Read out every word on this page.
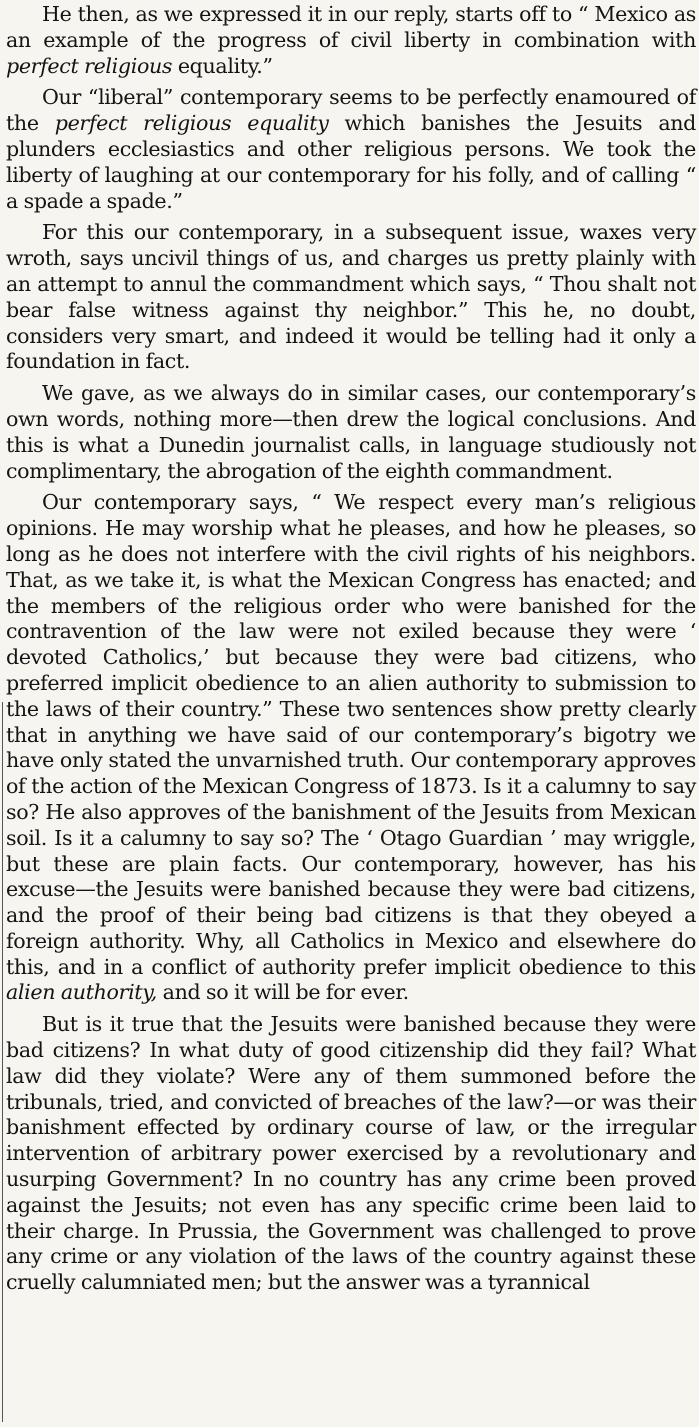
He then, as we expressed it in our reply, starts off to “ Mexico as an example of the progress of civil liberty in combination with perfect religious equality.”

Our “liberal” contemporary seems to be perfectly enamoured of the perfect religious equality which banishes the Jesuits and plunders ecclesiastics and other religious persons. We took the liberty of laughing at our contemporary for his folly, and of calling “ a spade a spade.”

For this our contemporary, in a subsequent issue, waxes very wroth, says uncivil things of us, and charges us pretty plainly with an attempt to annul the commandment which says, “ Thou shalt not bear false witness against thy neighbor.” This he, no doubt, considers very smart, and indeed it would be telling had it only a foundation in fact.

We gave, as we always do in similar cases, our contemporary’s own words, nothing more—then drew the logical conclusions. And this is what a Dunedin journalist calls, in language studiously not complimentary, the abrogation of the eighth commandment.

Our contemporary says, “ We respect every man’s religious opinions. He may worship what he pleases, and how he pleases, so long as he does not interfere with the civil rights of his neighbors. That, as we take it, is what the Mexican Congress has enacted; and the members of the religious order who were banished for the contravention of the law were not exiled because they were ‘ devoted Catholics,’ but because they were bad citizens, who preferred implicit obedience to an alien authority to submission to the laws of their country.” These two sentences show pretty clearly that in anything we have said of our contemporary’s bigotry we have only stated the unvarnished truth. Our contemporary approves of the action of the Mexican Congress of 1873. Is it a calumny to say so? He also approves of the banishment of the Jesuits from Mexican soil. Is it a calumny to say so? The ‘ Otago Guardian ’ may wriggle, but these are plain facts. Our contemporary, however, has his excuse—the Jesuits were banished because they were bad citizens, and the proof of their being bad citizens is that they obeyed a foreign authority. Why, all Catholics in Mexico and elsewhere do this, and in a conflict of authority prefer implicit obedience to this alien authority, and so it will be for ever.

But is it true that the Jesuits were banished because they were bad citizens? In what duty of good citizenship did they fail? What law did they violate? Were any of them summoned before the tribunals, tried, and convicted of breaches of the law?—or was their banishment effected by ordinary course of law, or the irregular intervention of arbitrary power exercised by a revolutionary and usurping Government? In no country has any crime been proved against the Jesuits; not even has any specific crime been laid to their charge. In Prussia, the Government was challenged to prove any crime or any violation of the laws of the country against these cruelly calumniated men; but the answer was a tyrannical
